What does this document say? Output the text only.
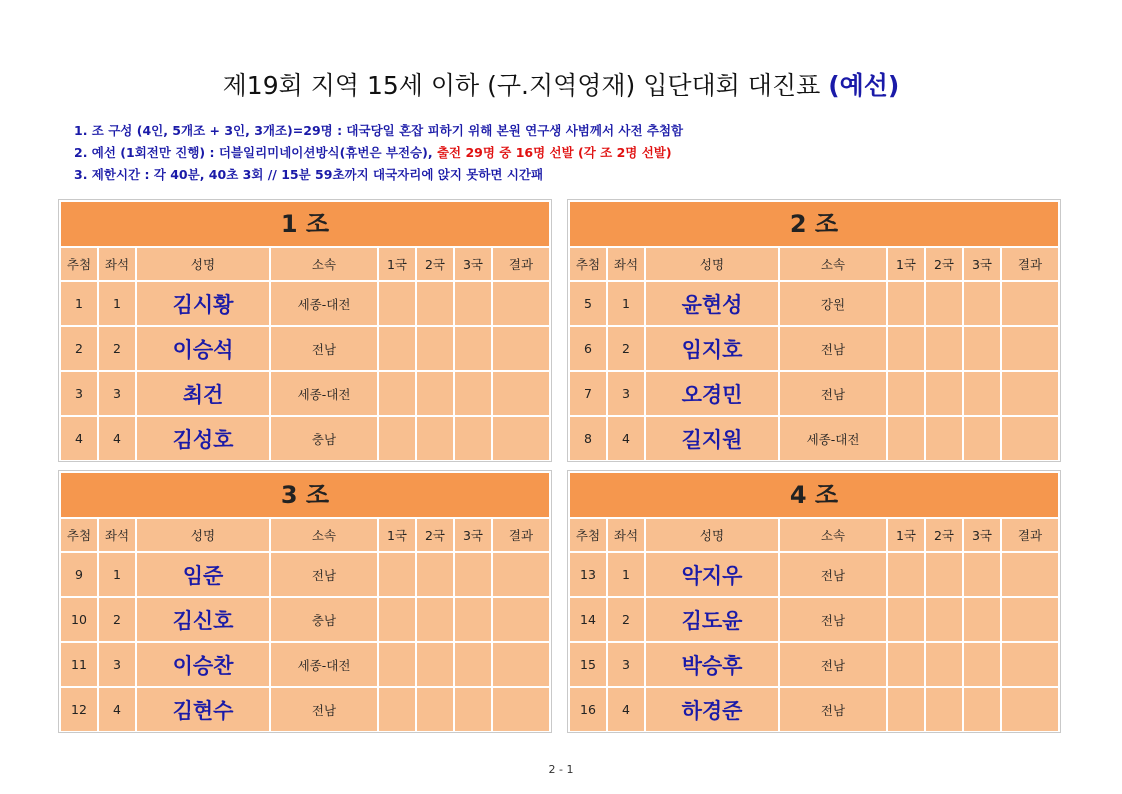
제19회 지역 15세 이하 (구.지역영재) 입단대회 대진표 (예선)
1. 조 구성 (4인, 5개조 + 3인, 3개조)=29명 : 대국당일 혼잡 피하기 위해 본원 연구생 사범께서 사전 추첨함
2. 예선 (1회전만 진행) : 더블일리미네이션방식(휴번은 부전승), 출전 29명 중 16명 선발 (각 조 2명 선발)
3. 제한시간 : 각 40분, 40초 3회 // 15분 59초까지 대국자리에 앉지 못하면 시간패
1 조
추첨	좌석	성명	소속	1국	2국	3국	결과
1	1	김시황	세종-대전
2	2	이승석	전남
3	3	최건	세종-대전
4	4	김성호	충남
2 조
추첨	좌석	성명	소속	1국	2국	3국	결과
5	1	윤현성	강원
6	2	임지호	전남
7	3	오경민	전남
8	4	길지원	세종-대전
3 조
추첨	좌석	성명	소속	1국	2국	3국	결과
9	1	임준	전남
10	2	김신호	충남
11	3	이승찬	세종-대전
12	4	김현수	전남
4 조
추첨	좌석	성명	소속	1국	2국	3국	결과
13	1	악지우	전남
14	2	김도윤	전남
15	3	박승후	전남
16	4	하경준	전남
2 - 1
